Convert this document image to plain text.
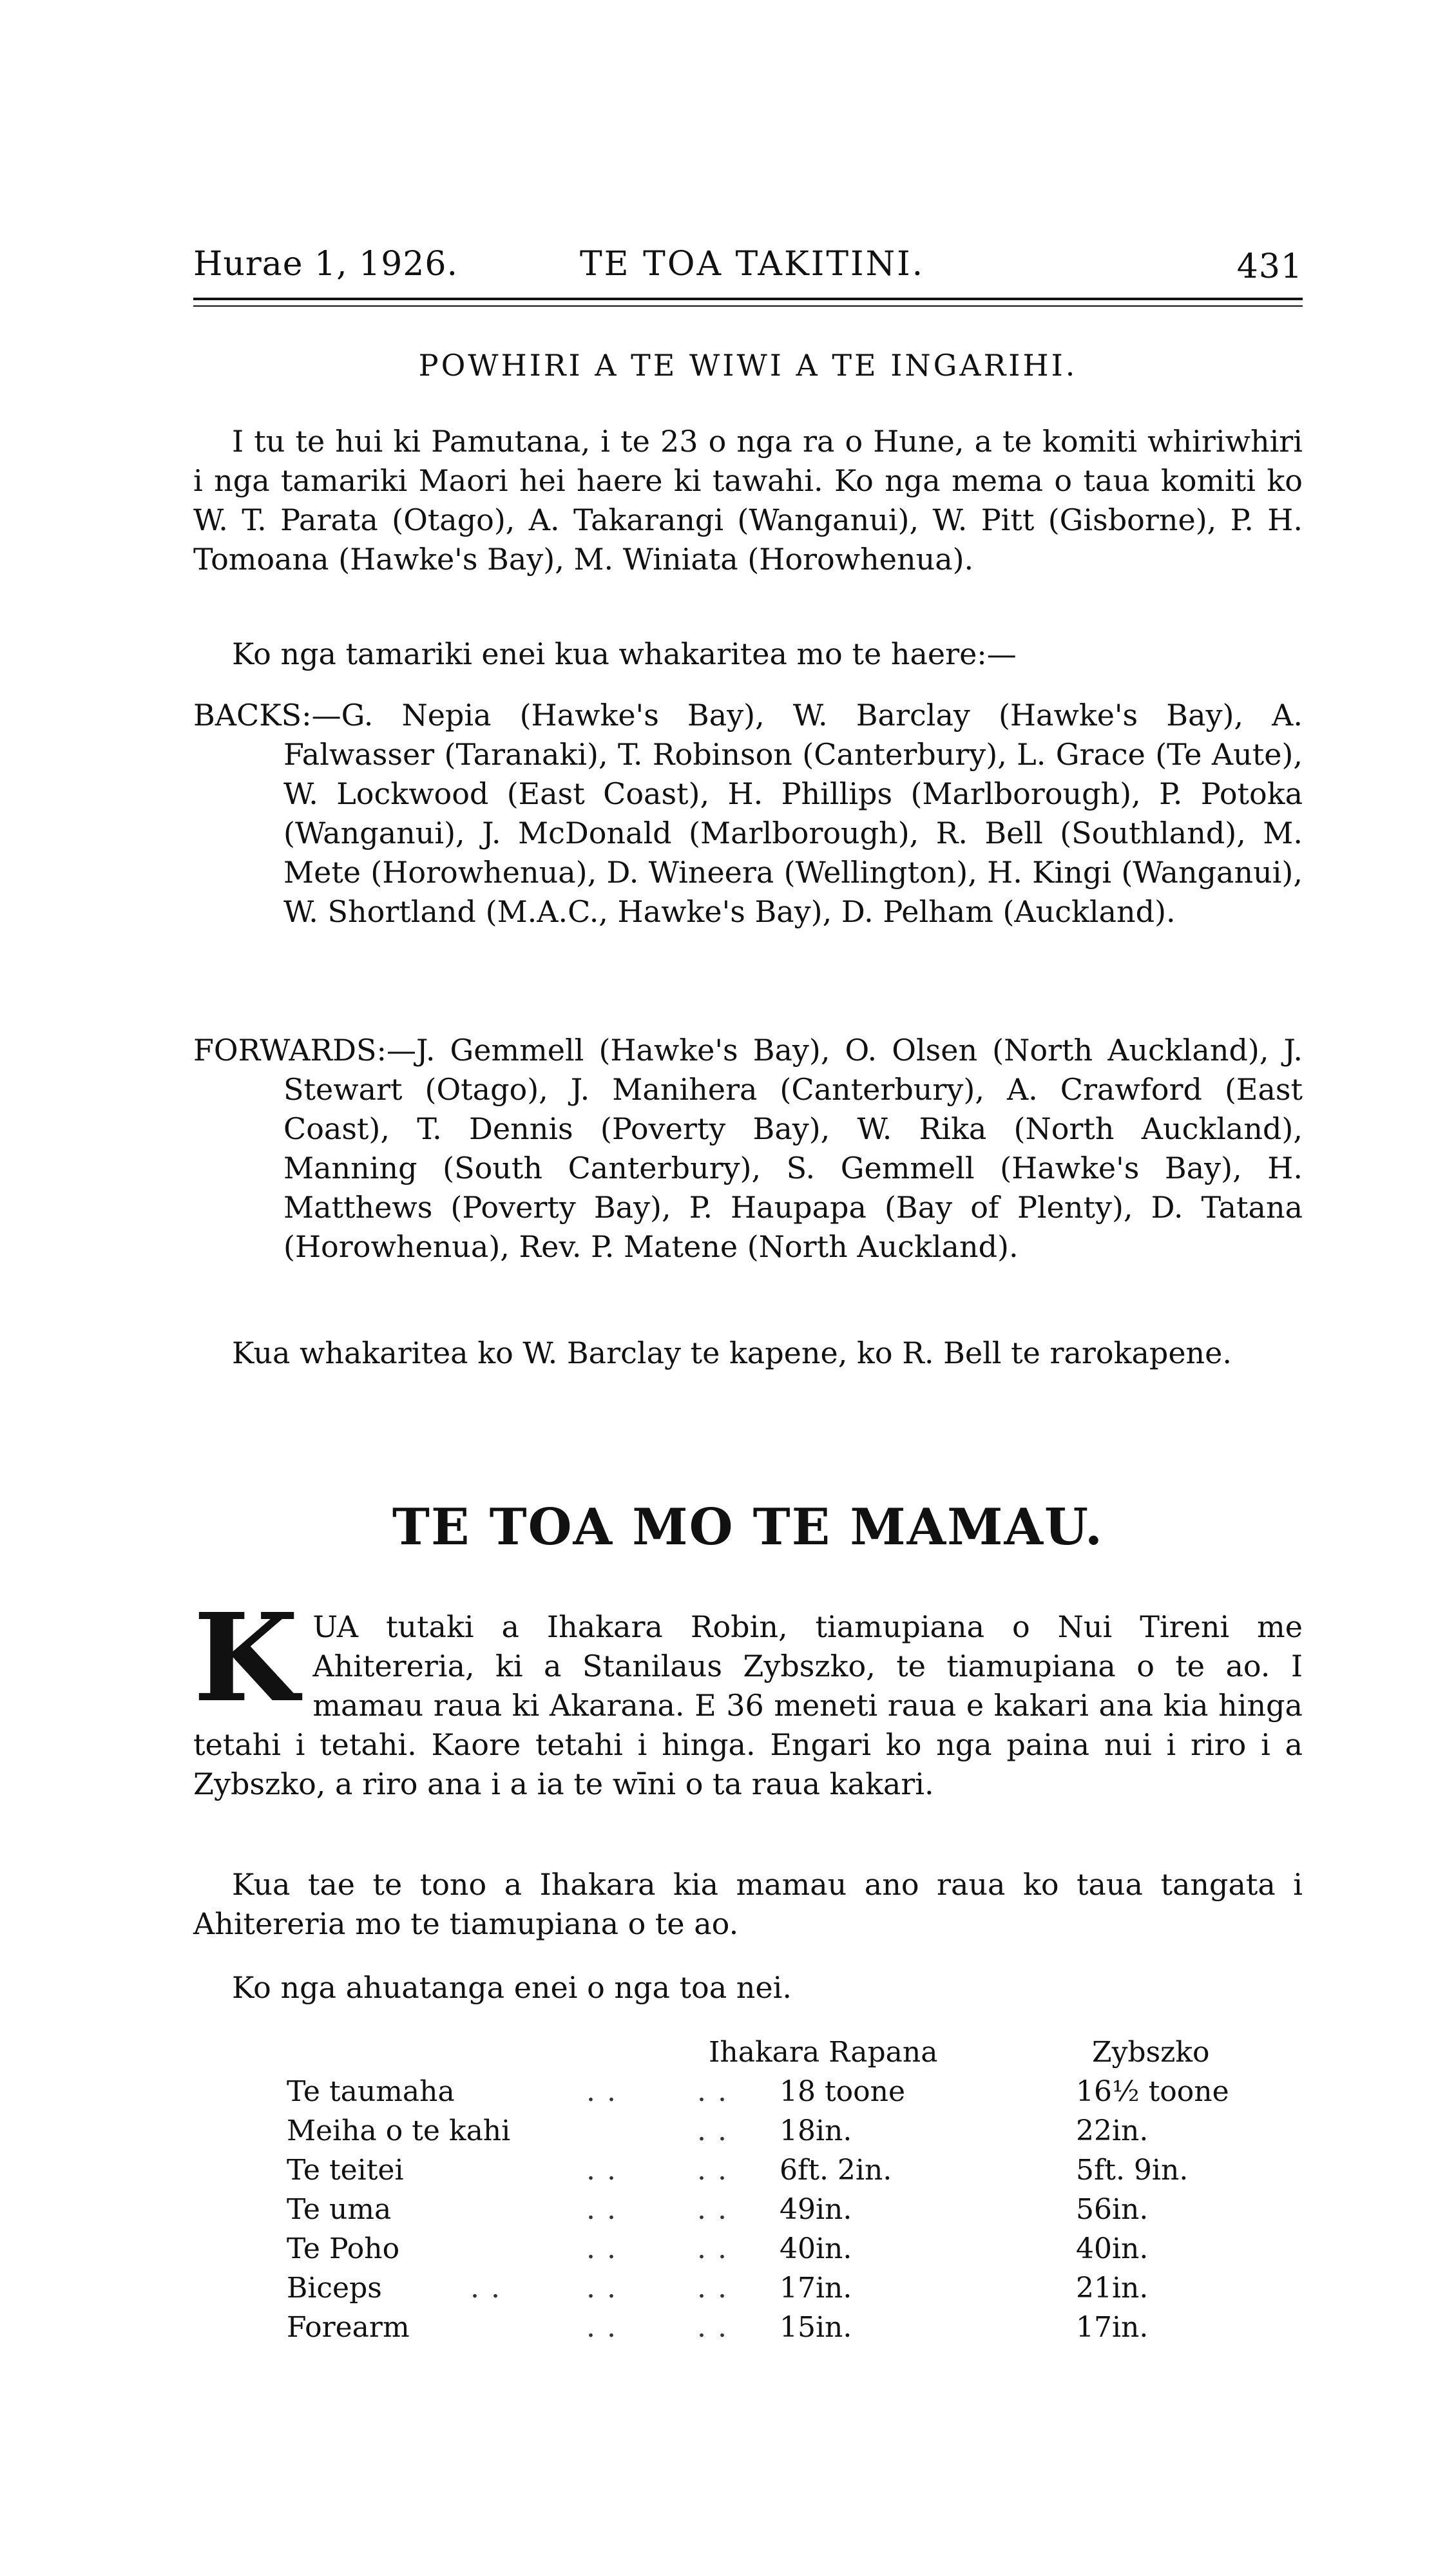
Hurae 1, 1926.	TE TOA TAKITINI.	431
POWHIRI A TE WIWI A TE INGARIHI.

I tu te hui ki Pamutana, i te 23 o nga ra o Hune, a te komiti whiriwhiri i nga tamariki Maori hei haere ki tawahi. Ko nga mema o taua komiti ko W. T. Parata (Otago), A. Takarangi (Wanganui), W. Pitt (Gisborne), P. H. Tomoana (Hawke's Bay), M. Winiata (Horowhenua).

Ko nga tamariki enei kua whakaritea mo te haere:—

BACKS:—G. Nepia (Hawke's Bay), W. Barclay (Hawke's Bay), A. Falwasser (Taranaki), T. Robinson (Canterbury), L. Grace (Te Aute), W. Lockwood (East Coast), H. Phillips (Marlborough), P. Potoka (Wanganui), J. McDonald (Marlborough), R. Bell (Southland), M. Mete (Horowhenua), D. Wineera (Wellington), H. Kingi (Wanganui), W. Shortland (M.A.C., Hawke's Bay), D. Pelham (Auckland).

FORWARDS:—J. Gemmell (Hawke's Bay), O. Olsen (North Auckland), J. Stewart (Otago), J. Manihera (Canterbury), A. Crawford (East Coast), T. Dennis (Poverty Bay), W. Rika (North Auckland), Manning (South Canterbury), S. Gemmell (Hawke's Bay), H. Matthews (Poverty Bay), P. Haupapa (Bay of Plenty), D. Tatana (Horowhenua), Rev. P. Matene (North Auckland).

Kua whakaritea ko W. Barclay te kapene, ko R. Bell te rarokapene.

TE TOA MO TE MAMAU.
K UA tutaki a Ihakara Robin, tiamupiana o Nui Tireni me Ahitereria, ki a Stanilaus Zybszko, te tiamupiana o te ao. I mamau raua ki Akarana. E 36 meneti raua e kakari ana kia hinga tetahi i tetahi. Kaore tetahi i hinga. Engari ko nga paina nui i riro i a Zybszko, a riro ana i a ia te wīni o ta raua kakari.

Kua tae te tono a Ihakara kia mamau ano raua ko taua tangata i Ahitereria mo te tiamupiana o te ao.

Ko nga ahuatanga enei o nga toa nei.

Ihakara Rapana	Zybszko
Te taumaha	.. .. 18 toone	16½ toone
Meiha o te kahi	.. 18in.	22in.
Te teitei	.. .. 6ft. 2in.	5ft. 9in.
Te uma	.. .. 49in.	56in.
Te Poho	.. .. 40in.	40in.
Biceps	..	.. .. 17in.	21in.
Forearm	.. .. 15in.	17in.
